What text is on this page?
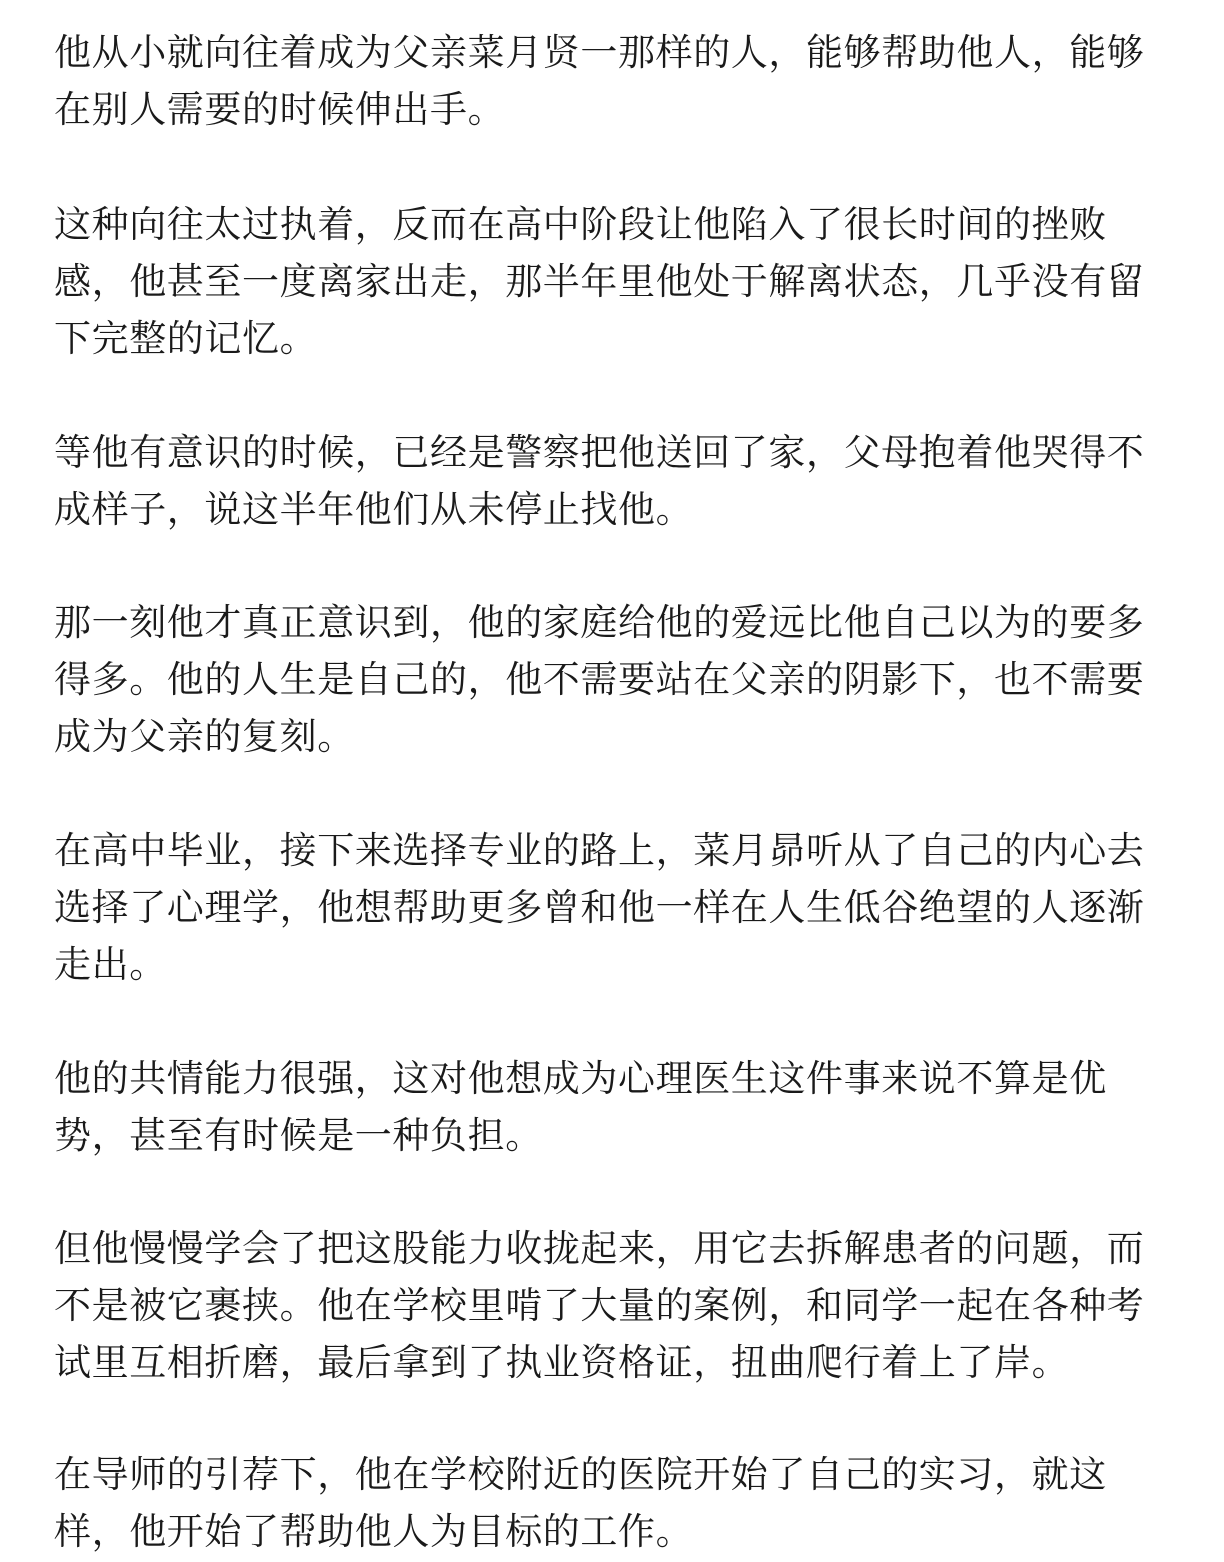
他从小就向往着成为父亲菜月贤一那样的人，能够帮助他人，能够
在别人需要的时候伸出手。

这种向往太过执着，反而在高中阶段让他陷入了很长时间的挫败
感，他甚至一度离家出走，那半年里他处于解离状态，几乎没有留
下完整的记忆。

等他有意识的时候，已经是警察把他送回了家，父母抱着他哭得不
成样子，说这半年他们从未停止找他。

那一刻他才真正意识到，他的家庭给他的爱远比他自己以为的要多
得多。他的人生是自己的，他不需要站在父亲的阴影下，也不需要
成为父亲的复刻。

在高中毕业，接下来选择专业的路上，菜月昴听从了自己的内心去
选择了心理学，他想帮助更多曾和他一样在人生低谷绝望的人逐渐
走出。

他的共情能力很强，这对他想成为心理医生这件事来说不算是优
势，甚至有时候是一种负担。

但他慢慢学会了把这股能力收拢起来，用它去拆解患者的问题，而
不是被它裹挟。他在学校里啃了大量的案例，和同学一起在各种考
试里互相折磨，最后拿到了执业资格证，扭曲爬行着上了岸。

在导师的引荐下，他在学校附近的医院开始了自己的实习，就这
样，他开始了帮助他人为目标的工作。
